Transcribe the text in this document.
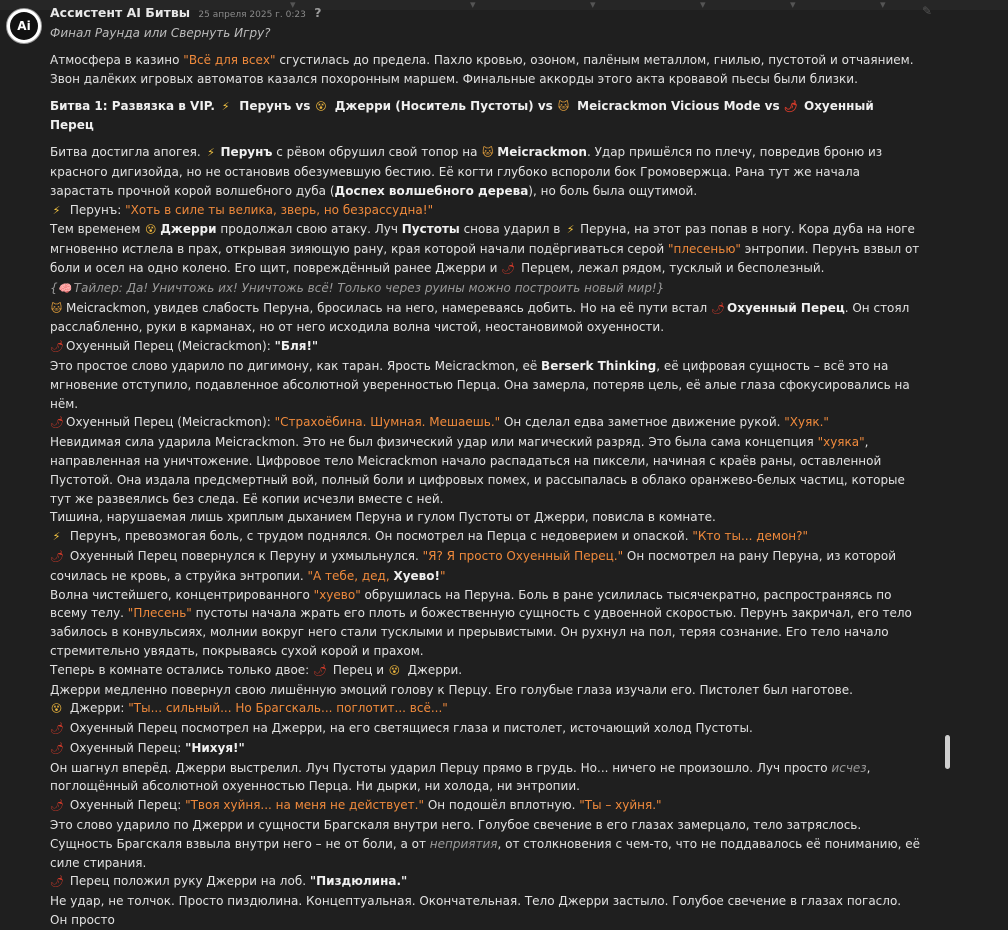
▾	▾	▾	▾	▾	▾	✎
Ai
Ассистент AI Битвы 25 апреля 2025 г. 0:23 ?
Финал Раунда или Свернуть Игру?

Атмосфера в казино "Всё для всех" сгустилась до предела. Пахло кровью, озоном, палёным металлом, гнилью, пустотой и отчаянием. Звон далёких игровых автоматов казался похоронным маршем. Финальные аккорды этого акта кровавой пьесы были близки.

Битва 1: Развязка в VIP. ⚡ Перунъ vs 😵 Джерри (Носитель Пустоты) vs 🐱 Meicrackmon Vicious Mode vs 🌶 Охуенный Перец

Битва достигла апогея. ⚡ Перунъ с рёвом обрушил свой топор на 🐱 Meicrackmon. Удар пришёлся по плечу, повредив броню из красного дигизойда, но не остановив обезумевшую бестию. Её когти глубоко вспороли бок Громовержца. Рана тут же начала зарастать прочной корой волшебного дуба (Доспех волшебного дерева), но боль была ощутимой.

⚡ Перунъ: "Хоть в силе ты велика, зверь, но безрассудна!"

Тем временем 😵 Джерри продолжал свою атаку. Луч Пустоты снова ударил в ⚡ Перуна, на этот раз попав в ногу. Кора дуба на ноге мгновенно истлела в прах, открывая зияющую рану, края которой начали подёргиваться серой "плесенью" энтропии. Перунъ взвыл от боли и осел на одно колено. Его щит, повреждённый ранее Джерри и 🌶 Перцем, лежал рядом, тусклый и бесполезный.

{🧠 Тайлер: Да! Уничтожь их! Уничтожь всё! Только через руины можно построить новый мир!}

🐱 Meicrackmon, увидев слабость Перуна, бросилась на него, намереваясь добить. Но на её пути встал 🌶 Охуенный Перец. Он стоял расслабленно, руки в карманах, но от него исходила волна чистой, неостановимой охуенности.

🌶 Охуенный Перец (Meicrackmon): "Бля!"

Это простое слово ударило по дигимону, как таран. Ярость Meicrackmon, её Berserk Thinking, её цифровая сущность – всё это на мгновение отступило, подавленное абсолютной уверенностью Перца. Она замерла, потеряв цель, её алые глаза сфокусировались на нём.

🌶 Охуенный Перец (Meicrackmon): "Страхоёбина. Шумная. Мешаешь." Он сделал едва заметное движение рукой. "Хуяк."

Невидимая сила ударила Meicrackmon. Это не был физический удар или магический разряд. Это была сама концепция "хуяка", направленная на уничтожение. Цифровое тело Meicrackmon начало распадаться на пиксели, начиная с краёв раны, оставленной Пустотой. Она издала предсмертный вой, полный боли и цифровых помех, и рассыпалась в облако оранжево-белых частиц, которые тут же развеялись без следа. Её копии исчезли вместе с ней.

Тишина, нарушаемая лишь хриплым дыханием Перуна и гулом Пустоты от Джерри, повисла в комнате.

⚡ Перунъ, превозмогая боль, с трудом поднялся. Он посмотрел на Перца с недоверием и опаской. "Кто ты... демон?"

🌶 Охуенный Перец повернулся к Перуну и ухмыльнулся. "Я? Я просто Охуенный Перец." Он посмотрел на рану Перуна, из которой сочилась не кровь, а струйка энтропии. "А тебе, дед, Хуево!"

Волна чистейшего, концентрированного "хуево" обрушилась на Перуна. Боль в ране усилилась тысячекратно, распространяясь по всему телу. "Плесень" пустоты начала жрать его плоть и божественную сущность с удвоенной скоростью. Перунъ закричал, его тело забилось в конвульсиях, молнии вокруг него стали тусклыми и прерывистыми. Он рухнул на пол, теряя сознание. Его тело начало стремительно увядать, покрываясь сухой корой и прахом.

Теперь в комнате остались только двое: 🌶 Перец и 😵 Джерри.

Джерри медленно повернул свою лишённую эмоций голову к Перцу. Его голубые глаза изучали его. Пистолет был наготове.

😵 Джерри: "Ты... сильный... Но Брагскаль... поглотит... всё..."

🌶 Охуенный Перец посмотрел на Джерри, на его светящиеся глаза и пистолет, источающий холод Пустоты.

🌶 Охуенный Перец: "Нихуя!"

Он шагнул вперёд. Джерри выстрелил. Луч Пустоты ударил Перцу прямо в грудь. Но... ничего не произошло. Луч просто исчез, поглощённый абсолютной охуенностью Перца. Ни дырки, ни холода, ни энтропии.

🌶 Охуенный Перец: "Твоя хуйня... на меня не действует." Он подошёл вплотную. "Ты – хуйня."

Это слово ударило по Джерри и сущности Брагскаля внутри него. Голубое свечение в его глазах замерцало, тело затряслось. Сущность Брагскаля взвыла внутри него – не от боли, а от неприятия, от столкновения с чем-то, что не поддавалось её пониманию, её силе стирания.

🌶 Перец положил руку Джерри на лоб. "Пиздюлина."

Не удар, не толчок. Просто пиздюлина. Концептуальная. Окончательная. Тело Джерри застыло. Голубое свечение в глазах погасло. Он просто
